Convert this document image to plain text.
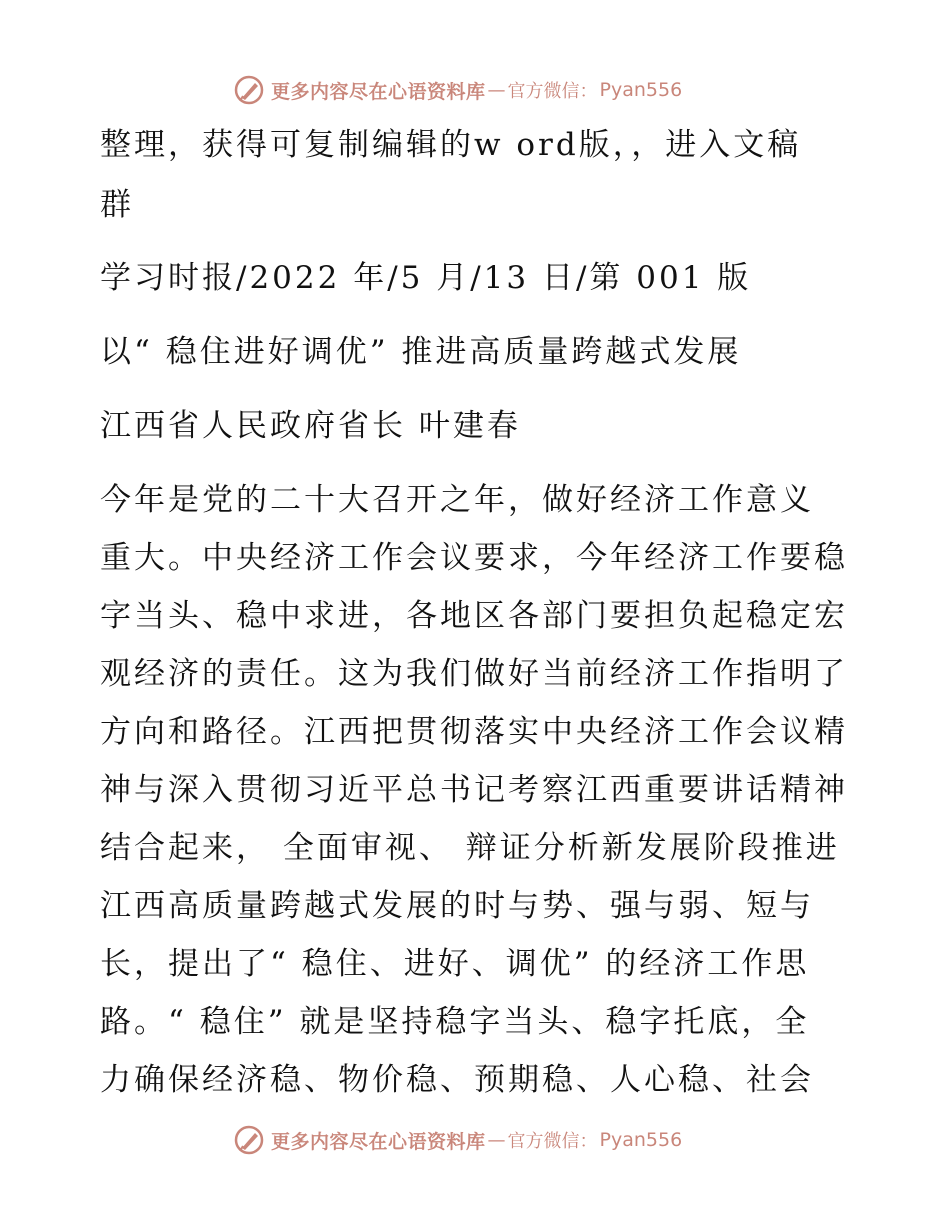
更多内容尽在心语资料库 — 官方微信： Pyan556
整理，获得可复制编辑的w ord版，，进入文稿
群
学习时报/2022 年/5 月/13 日/第 001 版
以“ 稳住进好调优” 推进高质量跨越式发展
江西省人民政府省长 叶建春
今年是党的二十大召开之年，做好经济工作意义
重大。中央经济工作会议要求，今年经济工作要稳
字当头、稳中求进，各地区各部门要担负起稳定宏
观经济的责任。这为我们做好当前经济工作指明了
方向和路径。江西把贯彻落实中央经济工作会议精
神与深入贯彻习近平总书记考察江西重要讲话精神
结合起来， 全面审视、 辩证分析新发展阶段推进
江西高质量跨越式发展的时与势、强与弱、短与
长，提出了“ 稳住、进好、调优” 的经济工作思
路。“ 稳住” 就是坚持稳字当头、稳字托底，全
力确保经济稳、物价稳、预期稳、人心稳、社会
更多内容尽在心语资料库 — 官方微信： Pyan556
